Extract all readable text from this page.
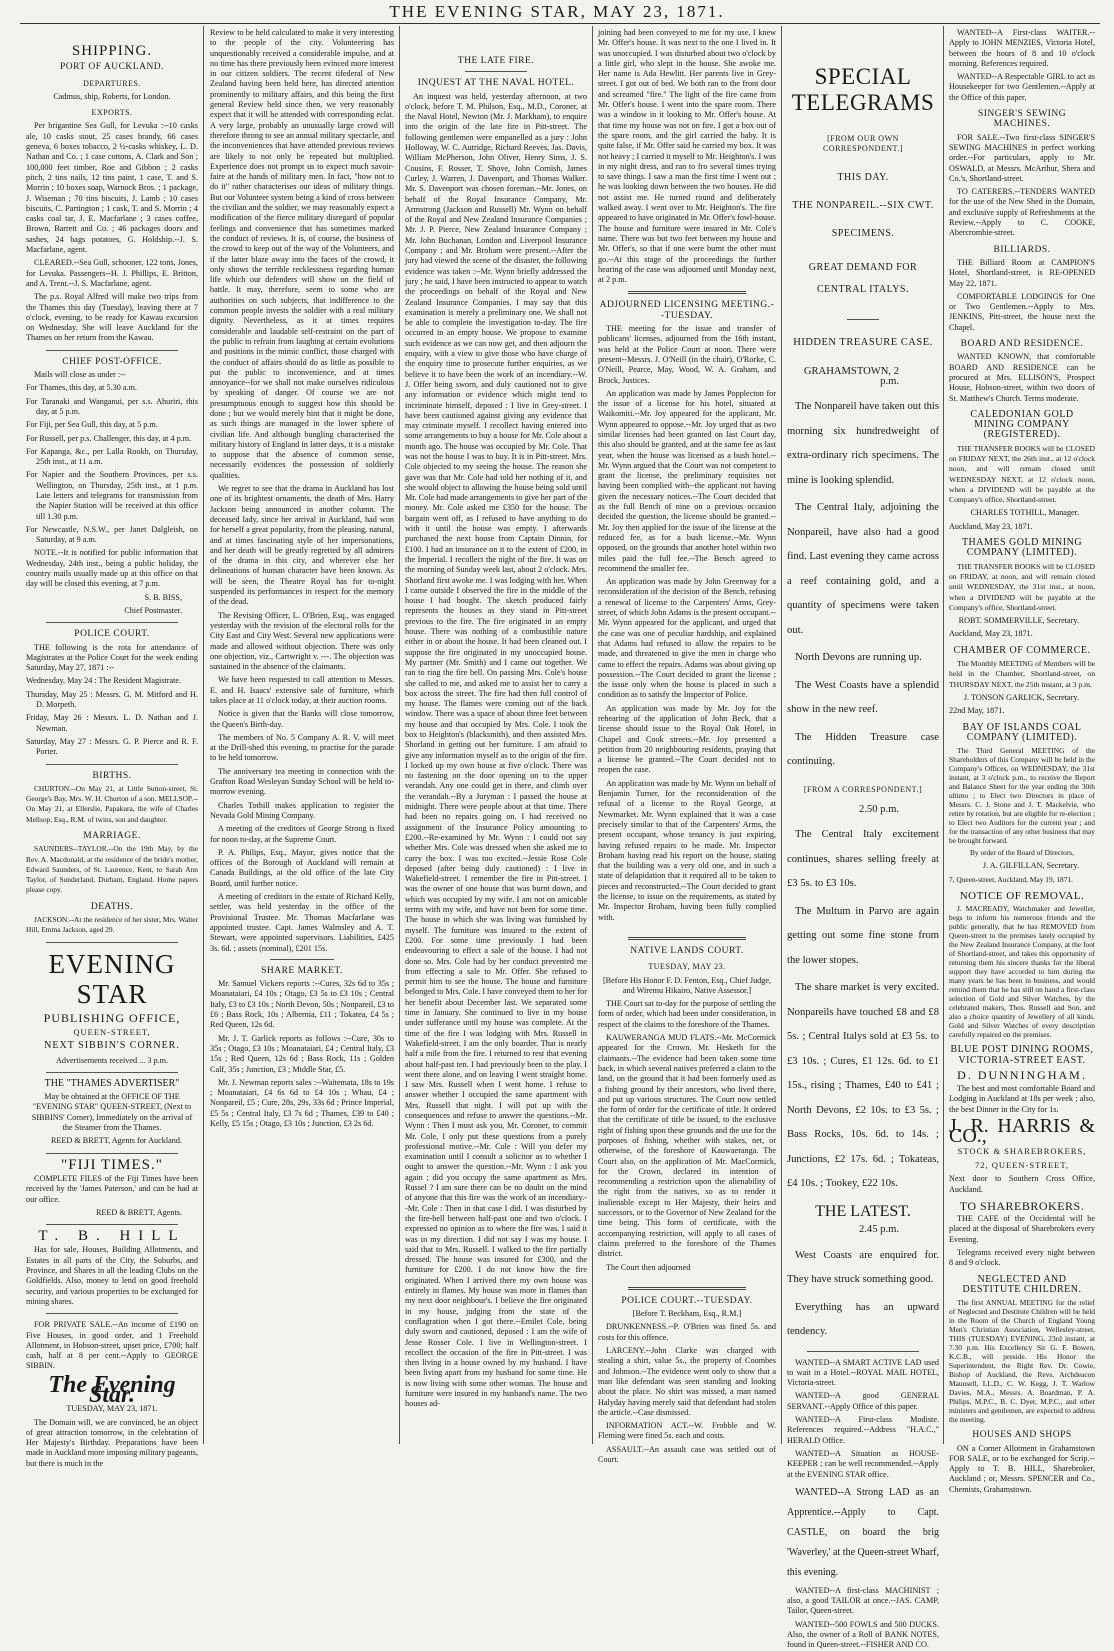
THE EVENING STAR, MAY 23, 1871.
SHIPPING.
PORT OF AUCKLAND.
DEPARTURES.

Cadmus, ship, Roberts, for London.

EXPORTS.

Per brigantine Sea Gull, for Levuka :--10 casks ale, 10 casks stout, 25 cases brandy, 66 cases geneva, 6 boxes tobacco, 2 ½-casks whiskey, L. D. Nathan and Co. ; 1 case cottons, A. Clark and Son ; 100,000 feet timber, Roe and Gibbon ; 2 casks pitch, 2 tins nails, 12 tins paint, 1 case, T. and S. Morrin ; 10 boxes soap, Warnock Bros. ; 1 package, J. Wiseman ; 70 tins biscuits, J. Lamb ; 10 cases biscuits, C. Partington ; 1 cask, T. and S. Morrin ; 4 casks coal tar, J. E. Macfarlane ; 3 cases coffee, Brown, Barrett and Co. ; 46 packages doors and sashes, 24 bags potatoes, G. Holdship.--J. S. Macfarlane, agent.

CLEARED.--Sea Gull, schooner, 122 tons, Jones, for Levuka. Passengers--H. J. Phillips, E. Britton, and A. Trent.--J. S. Macfarlane, agent.

The p.s. Royal Alfred will make two trips from the Thames this day (Tuesday), leaving there at 7 o'clock, evening, to be ready for Kawau excursion on Wednesday. She will leave Auckland for the Thames on her return from the Kawau.

CHIEF POST-OFFICE.

Mails will close as under :--

For Thames, this day, at 5.30 a.m.

For Taranaki and Wanganui, per s.s. Ahuriri, this day, at 5 p.m.

For Fiji, per Sea Gull, this day, at 5 p.m.

For Russell, per p.s. Challenger, this day, at 4 p.m.

For Kapanga, &c., per Lalla Rookh, on Thursday, 25th inst., at 11 a.m.

For Napier and the Southern Provinces, per s.s. Wellington, on Thursday, 25th inst., at 1 p.m. Late letters and telegrams for transmission from the Napier Station will be received at this office till 1.30 p.m.

For Newcastle, N.S.W., per Janet Dalgleish, on Saturday, at 9 a.m.

NOTE.--It is notified for public information that Wednesday, 24th inst., being a public holiday, the country mails usually made up at this office on that day will be closed this evening, at 7 p.m.

S. B. BISS,

Chief Postmaster.

POLICE COURT.

THE following is the rota for attendance of Magistrates at the Police Court for the week ending Saturday, May 27, 1871 :--

Wednesday, May 24 : The Resident Magistrate.

Thursday, May 25 : Messrs. G. M. Mitford and H. D. Morpeth.

Friday, May 26 : Messrs. L. D. Nathan and J. Newman.

Saturday, May 27 : Messrs. G. P. Pierce and R. F. Porter.

BIRTHS.

CHURTON.--On May 21, at Little Sutton-street, St. George's Bay, Mrs. W. H. Churton of a son. MELLSOP.--On May 21, at Ellerslie, Papakura, the wife of Charles Mellsop, Esq., R.M. of twins, son and daughter.

MARRIAGE.

SAUNDERS--TAYLOR.--On the 19th May, by the Rev. A. Macdonald, at the residence of the bride's mother, Edward Saunders, of St. Laurence, Kent, to Sarah Ann Taylor, of Sunderland, Durham, England. Home papers please copy.

DEATHS.

JACKSON.--At the residence of her sister, Mrs. Walter Hill, Emma Jackson, aged 29.

EVENING STAR
PUBLISHING OFFICE,
QUEEN-STREET,
NEXT SIBBIN'S CORNER.

Advertisements received ... 3 p.m.

THE "THAMES ADVERTISER"

May be obtained at the OFFICE OF THE "EVENING STAR" QUEEN-STREET, (Next to SIBBINS' Corner), Immediately on the arrival of the Steamer from the Thames.

REED & BRETT, Agents for Auckland.

"FIJI TIMES."

COMPLETE FILES of the Fiji Times have been received by the 'James Paterson,' and can be had at our office.

REED & BRETT, Agents.

T. B. HILL

Has for sale, Houses, Building Allotments, and Estates in all parts of the City, the Suburbs, and Province, and Shares in all the leading Clubs on the Goldfields. Also, money to lend on good freehold security, and various properties to be exchanged for mining shares.

FOR PRIVATE SALE.--An income of £190 on Five Houses, in good order, and 1 Freehold Allotment, in Hobson-street, upset price, £700; half cash, half at 8 per cent.--Apply to GEORGE SIBBIN.

The Evening Star.

TUESDAY, MAY 23, 1871.

The Domain will, we are convinced, be an object of great attraction tomorrow, in the celebration of Her Majesty's Birthday. Preparations have been made in Auckland more imposing military pageants, but there is much in the

Review to be held calculated to make it very interesting to the people of the city. Volunteering has unquestionably received a considerable impulse, and at no time has there previously been evinced more interest in our citizen soldiers. The recent tifederal of New Zealand having been held here, has directed attention prominently to military affairs, and this being the first general Review held since then, we very reasonably expect that it will be attended with corresponding eclat. A very large, probably an unusually large crowd will therefore throng to see an annual military spectacle, and the inconveniences that have attended previous reviews are likely to not only be repeated but multiplied. Experience does not prompt us to expect much savoir-faire at the hands of military men. In fact, "how not to do it" rather characterises our ideas of military things. But our Volunteer system being a kind of cross between the civilian and the soldier, we may reasonably expect a modification of the fierce military disregard of popular feelings and convenience that has sometimes marked the conduct of reviews. It is, of course, the business of the crowd to keep out of the way of the Volunteers, and if the latter blaze away into the faces of the crowd, it only shows the terrible recklessness regarding human life which our defenders will show on the field of battle. It may, therefore, seem to some who are authorities on such subjects, that indifference to the common people invests the soldier with a real military dignity. Nevertheless, as it at times requires considerable and laudable self-restraint on the part of the public to refrain from laughing at certain evolutions and positions in the mimic conflict, those charged with the conduct of affairs should do as little as possible to put the public to inconvenience, and at times annoyance--for we shall not make ourselves ridiculous by speaking of danger. Of course we are not presumptuous enough to suggest how this should be done ; but we would merely hint that it might be done, as such things are managed in the lower sphere of civilian life. And although bungling characterised the military history of England in latter days, it is a mistake to suppose that the absence of common sense, necessarily evidences the possession of soldierly qualities.

We regret to see that the drama in Auckland has lost one of its brightest ornaments, the death of Mrs. Harry Jackson being announced in another column. The deceased lady, since her arrival in Auckland, had won for herself a great popularity, from the pleasing, natural, and at times fascinating style of her impersonations, and her death will be greatly regretted by all admirers of the drama in this city, and wherever else her delineations of human character have been known. As will be seen, the Theatre Royal has for to-night suspended its performances in respect for the memory of the dead.

The Revising Officer, L. O'Brien, Esq., was engaged yesterday with the revision of the electoral rolls for the City East and City West. Several new applications were made and allowed without objection. There was only one objection, viz., Cartwright v. ---. The objection was sustained in the absence of the claimants.

We have been requested to call attention to Messrs. E. and H. Isaacs' extensive sale of furniture, which takes place at 11 o'clock today, at their auction rooms.

Notice is given that the Banks will close tomorrow, the Queen's Birth-day.

The members of No. 5 Company A. R. V. will meet at the Drill-shed this evening, to practise for the parade to be held tomorrow.

The anniversary tea meeting in connection with the Grafton Road Wesleyan Sunday School will be held to-morrow evening.

Charles Tothill makes application to register the Nevada Gold Mining Company.

A meeting of the creditors of George Strong is fixed for noon to-day, at the Supreme Court.

P. A. Philips, Esq., Mayor, gives notice that the offices of the Borough of Auckland will remain at Canada Buildings, at the old office of the late City Board, until further notice.

A meeting of creditors in the estate of Richard Kelly, settler, was held yesterday in the office of the Provisional Trustee. Mr. Thomas Macfarlane was appointed trustee. Capt. James Walmsley and A. T. Stewart, were appointed supervisors. Liabilities, £425 3s. 6d. ; assets (nominal), £201 15s.

SHARE MARKET.

Mr. Samuel Vickers reports :--Cures, 32s 6d to 35s ; Moanataiari, £4 10s ; Otago, £3 5s to £3 10s ; Central Italy, £3 to £3 10s ; North Devon, 50s ; Nonpareil, £3 to £6 ; Bass Rock, 10s ; Albernia, £11 ; Tokatea, £4 5s ; Red Queen, 12s 6d.

Mr. J. T. Garlick reports as follows :--Cure, 30s to 35s ; Otago, £3 10s ; Moanataiari, £4 ; Central Italy, £3 15s ; Red Queen, 12s 6d ; Bass Rock, 11s ; Golden Calf, 35s ; Junction, £3 ; Middle Star, £5.

Mr. J. Newman reports sales :--Waitemata, 18s to 19s ; Moanataiari, £4 6s 6d to £4 10s ; Whau, £4 ; Nonpareil, £5 ; Cure, 28s, 29s, 33s 6d ; Prince Imperial, £5 5s ; Central Italy, £3 7s 6d ; Thames, £39 to £40 ; Kelly, £5 15s ; Otago, £3 10s ; Junction, £3 2s 6d.

THE LATE FIRE.
INQUEST AT THE NAVAL HOTEL.

An inquest was held, yesterday afternoon, at two o'clock, before T. M. Philson, Esq., M.D., Coroner, at the Naval Hotel, Newton (Mr. J. Markham), to enquire into the origin of the late fire in Pitt-street. The following gentlemen were empanelled as a jury : John Holloway, W. C. Autridge, Richard Reeves, Jas. Davis, William McPherson, John Oliver, Henry Sims, J. S. Cousins, F. Rosser, T. Shove, John Cornish, James Curley, J. Warren, J. Davenport, and Thomas Walker. Mr. S. Davenport was chosen foreman.--Mr. Jones, on behalf of the Royal Insurance Company, Mr. Armstrong (Jackson and Russell) Mr. Wynn on behalf of the Royal and New Zealand Insurance Companies ; Mr. J. P. Pierce, New Zealand Insurance Company ; Mr. John Buchanan, London and Liverpool Insurance Company ; and Mr. Broham were present.--After the jury had viewed the scene of the disaster, the following evidence was taken :--Mr. Wynn briefly addressed the jury ; he said, I have been instructed to appear to watch the proceedings on behalf of the Royal and New Zealand Insurance Companies. I may say that this examination is merely a preliminary one. We shall not be able to complete the investigation to-day. The fire occurred in an empty house. We propose to examine such evidence as we can now get, and then adjourn the enquiry, with a view to give those who have charge of the enquiry time to prosecute further enquiries, as we believe it to have been the work of an incendiary.--W. J. Offer being sworn, and duly cautioned not to give any information or evidence which might tend to incriminate himself, deposed : I live in Grey-street. I have been cautioned against giving any evidence that may criminate myself. I recollect having entered into some arrangements to buy a house for Mr. Cole about a month ago. The house was occupied by Mr. Cole. That was not the house I was to buy. It is in Pitt-street. Mrs. Cole objected to my seeing the house. The reason she gave was that Mr. Cole had told her nothing of it, and she would object to allowing the house being sold until Mr. Cole had made arrangements to give her part of the money. Mr. Cole asked me £350 for the house. The bargain went off, as I refused to have anything to do with it until the house was empty. I afterwards purchased the next house from Captain Dinnin, for £100. I had an insurance on it to the extent of £200, in the Imperial. I recollect the night of the fire. It was on the morning of Sunday week last, about 2 o'clock. Mrs. Shorland first awoke me. I was lodging with her. When I came outside I observed the fire in the middle of the house I had bought. The sketch produced fairly represents the houses as they stand in Pitt-street previous to the fire. The fire originated in an empty house. There was nothing of a combustible nature either in or about the house. It had been cleaned out. I suppose the fire originated in my unoccupied house. My partner (Mr. Smith) and I came out together. We ran to ring the fire bell. On passing Mrs. Cole's house she called to me, and asked me to assist her to carry a box across the street. The fire had then full control of my house. The flames were coming out of the back window. There was a space of about three feet between my house and that occupied by Mrs. Cole. I took the box to Heighton's (blacksmith), and then assisted Mrs. Shorland in getting out her furniture. I am afraid to give any information myself as to the origin of the fire. I locked up my own house at five o'clock. There was no fastening on the door opening on to the upper verandah. Any one could get in there, and climb over the verandah.--By a Juryman : I passed the house at midnight. There were people about at that time. There had been no repairs going on. I had received no assignment of the Insurance Policy amounting to £200.--Re-examined by Mr. Wynn : I could not say whether Mrs. Cole was dressed when she asked me to carry the box. I was too excited.--Jessie Rose Cole deposed (after being duly cautioned) : I live in Wakefield-street. I remember the fire in Pitt-street. I was the owner of one house that was burnt down, and which was occupied by my wife. I am not on amicable terms with my wife, and have not been for some time. The house in which she was living was furnished by myself. The furniture was insured to the extent of £200. For some time previously I had been endeavouring to effect a sale of the house. I had not done so. Mrs. Cole had by her conduct prevented me from effecting a sale to Mr. Offer. She refused to permit him to see the house. The house and furniture belonged to Mrs. Cole. I have conveyed them to her for her benefit about December last. We separated some time in January. She continued to live in my house under sufferance until my house was complete. At the time of the fire I was lodging with Mrs. Russell in Wakefield-street. I am the only boarder. That is nearly half a mile from the fire. I returned to rest that evening about half-past ten. I had previously been to the play. I went there alone, and on leaving I went straight home. I saw Mrs. Russell when I went home. I refuse to answer whether I occupied the same apartment with Mrs. Russell that night. I will put up with the consequences and refuse to answer the questions.--Mr. Wynn : Then I must ask you, Mr. Coroner, to commit Mr. Cole, I only put these questions from a purely professional motive.--Mr. Cole : Will you defer my examination until I consult a solicitor as to whether I ought to answer the question.--Mr. Wynn : I ask you again ; did you occupy the same apartment as Mrs. Russel ? I am sure there can be no doubt on the mind of anyone that this fire was the work of an incendiary.--Mr. Cole : Then in that case I did. I was disturbed by the fire-bell between half-past one and two o'clock. I expressed no opinion as to where the fire was. I said it was in my direction. I did not say I was my house. I said that to Mrs. Russell. I walked to the fire partially dressed. The house was insured for £300, and the furniture for £200. I do not know how the fire originated. When I arrived there my own house was entirely in flames. My house was more in flames than my next door neighbour's. I believe the fire originated in my house, judging from the state of the conflagration when I got there.--Emilet Cole, being duly sworn and cautioned, deposed : I am the wife of Jesse Rosser Cole. I live in Wellington-street. I recollect the occasion of the fire in Pitt-street. I was then living in a house owned by my husband. I have been living apart from my husband for some time. He is now living with some other woman. The house and furniture were insured in my husband's name. The two houses ad-

joining had been conveyed to me for my use. I knew Mr. Offer's house. It was next to the one I lived in. It was unoccupied. I was disturbed about two o'clock by a little girl, who slept in the house. She awoke me. Her name is Ada Hewlitt. Her parents live in Grey-street. I got out of bed. We both ran to the front door and screamed "fire." The light of the fire came from Mr. Offer's house. I went into the spare room. There was a window in it looking to Mr. Offer's house. At that time my house was not on fire. I got a box out of the spare room, and the girl carried the baby. It is quite false, if Mr. Offer said he carried my box. It was not heavy ; I carried it myself to Mr. Heighton's. I was in my night dress, and ran to fro several times trying to save things. I saw a man the first time I went out ; he was looking down between the two houses. He did not assist me. He turned round and deliberately walked away. I went over to Mr. Heighton's. The fire appeared to have originated in Mr. Offer's fowl-house. The house and furniture were insured in Mr. Cole's name. There was but two feet between my house and Mr. Offer's, so that if one were burnt the other must go.--At this stage of the proceedings the further hearing of the case was adjourned until Monday next, at 2 p.m.

ADJOURNED LICENSING MEETING.--TUESDAY.

THE meeting for the issue and transfer of publicans' licenses, adjourned from the 16th instant, was held at the Police Court at noon. There were present--Messrs. J. O'Neill (in the chair), O'Rorke, C. O'Neill, Pearce, May, Wood, W. A. Graham, and Brock, Justices.

An application was made by James Popplecton for the issue of a license for his hotel, situated at Waikomiti.--Mr. Joy appeared for the applicant, Mr. Wynn appeared to oppose.--Mr. Joy urged that as two similar licenses had been granted on last Court day, this also should be granted, and at the same fee as last year, when the house was licensed as a bush hotel.--Mr. Wynn argued that the Court was not competent to grant the license, the preliminary requisites not having been complied with--the applicant not having given the necessary notices.--The Court decided that as the full Bench of nine on a previous occasion decided the question, the license should be granted.--Mr. Joy then applied for the issue of the license at the reduced fee, as for a bush license.--Mr. Wynn opposed, on the grounds that another hotel within two miles paid the full fee.--The Bench agreed to recommend the smaller fee.

An application was made by John Greenway for a reconsideration of the decision of the Bench, refusing a renewal of license to the Carpenters' Arms, Grey-street, of which John Adams is the present occupant.--Mr. Wynn appeared for the applicant, and urged that the case was one of peculiar hardship, and explained that Adams had refused to allow the repairs to be made, and threatened to give the men in charge who came to effect the repairs. Adams was about giving up possession.--The Court decided to grant the license ; the issue only when the house is placed in such a condition as to satisfy the Inspector of Police.

An application was made by Mr. Joy for the rehearing of the application of John Beck, that a license should issue to the Royal Oak Hotel, in Chapel and Cook streets.--Mr. Joy presented a petition from 20 neighbouring residents, praying that a license be granted.--The Court decided not to reopen the case.

An application was made by Mr. Wynn on behalf of Benjamin Turner, for the reconsideration of the refusal of a license to the Royal George, at Newmarket. Mr. Wynn explained that it was a case precisely similar to that of the Carpenters' Arms, the present occupant, whose tenancy is just expiring, having refused repairs to be made. Mr. Inspector Broham having read his report on the house, stating that the building was a very old one, and in such a state of delapidation that it required all to be taken to pieces and reconstructed.--The Court decided to grant the license, to issue on the requirements, as stated by Mr. Inspector Broham, having been fully complied with.

NATIVE LANDS COURT.
TUESDAY, MAY 23.

[Before His Honor F. D. Fenton, Esq., Chief Judge, and Wiremu Hikairo, Native Assessor.]

THE Court sat to-day for the purpose of settling the form of order, which had been under consideration, in respect of the claims to the foreshore of the Thames.

KAUWERANGA MUD FLATS.--Mr. McCormick appeared for the Crown. Mr. Hesketh for the claimants.--The evidence had been taken some time back, in which several natives preferred a claim to the land, on the ground that it had been formerly used as a fishing ground by their ancestors, who lived there, and put up various structures. The Court now settled the form of order for the certificate of title. It ordered that the certificate of title be issued, to the exclusive right of fishing upon these grounds and the use for the purposes of fishing, whether with stakes, net, or otherwise, of the foreshore of Kauwaeranga. The Court also, on the application of Mr. MacCormick, for the Crown, declared its intention of recommending a restriction upon the alienability of the right from the natives, so as to render it inalienable except to Her Majesty, their heirs and successors, or to the Governor of New Zealand for the time being. This form of certificate, with the accompanying restriction, will apply to all cases of claims preferred to the foreshore of the Thames district.

The Court then adjourned

POLICE COURT.--TUESDAY.

[Before T. Beckham, Esq., R.M.]

DRUNKENNESS.--P. O'Brien was fined 5s. and costs for this offence.

LARCENY.--John Clarke was charged with stealing a shirt, value 5s., the property of Coombes and Johnson.--The evidence went only to show that a man like defendant was seen standing and looking about the place. No shirt was missed, a man named Halyday having merely said that defendant had stolen the article.--Case dismissed.

INFORMATION ACT.--W. Frobble and W. Fleming were fined 5s. each and costs.

ASSAULT.--An assault case was settled out of Court.

SPECIAL TELEGRAMS
[FROM OUR OWN CORRESPONDENT.]
THIS DAY.
THE NONPAREIL.--SIX CWT.
SPECIMENS.
GREAT DEMAND FOR CENTRAL ITALYS.
HIDDEN TREASURE CASE.
GRAHAMSTOWN, 2 p.m.

The Nonpareil have taken out this morning six hundredweight of extra-ordinary rich specimens. The mine is looking splendid.

The Central Italy, adjoining the Nonpareil, have also had a good find. Last evening they came across a reef containing gold, and a quantity of specimens were taken out.

North Devons are running up.

The West Coasts have a splendid show in the new reef.

The Hidden Treasure case continuing.

[FROM A CORRESPONDENT.]
2.50 p.m.

The Central Italy excitement continues, shares selling freely at £3 5s. to £3 10s.

The Multum in Parvo are again getting out some fine stone from the lower stopes.

The share market is very excited. Nonpareils have touched £8 and £8 5s. ; Central Italys sold at £3 5s. to £3 10s. ; Cures, £1 12s. 6d. to £1 15s., rising ; Thames, £40 to £41 ; North Devons, £2 10s. to £3 5s. ; Bass Rocks, 10s. 6d. to 14s. ; Junctions, £2 17s. 6d. ; Tokateas, £4 10s. ; Tookey, £22 10s.

THE LATEST.
2.45 p.m.

West Coasts are enquired for. They have struck something good.

Everything has an upward tendency.

WANTED--A SMART ACTIVE LAD used to wait in a Hotel.--ROYAL MAIL HOTEL, Victoria-street.

WANTED--A good GENERAL SERVANT.--Apply Office of this paper.

WANTED--A First-class Modiste. References required.--Address "H.A.C.," HERALD Office.

WANTED--A Situation as HOUSE-KEEPER ; can be well recommended.--Apply at the EVENING STAR office.

WANTED--A Strong LAD as an Apprentice.--Apply to Capt. CASTLE, on board the brig 'Waverley,' at the Queen-street Wharf, this evening.

WANTED--A first-class MACHINIST ; also, a good TAILOR at once.--JAS. CAMP, Tailor, Queen-street.

WANTED--500 FOWLS and 500 DUCKS. Also, the owner of a Roll of BANK NOTES, found in Queen-street.--FISHER AND CO.

WANTED--A First-class WAITER.--Apply to JOHN MENZIES, Victoria Hotel, between the hours of 8 and 10 o'clock morning. References required.

WANTED--A Respectable GIRL to act as Housekeeper for two Gentlemen.--Apply at the Office of this paper.

SINGER'S SEWING MACHINES.

FOR SALE.--Two first-class SINGER'S SEWING MACHINES in perfect working order.--For particulars, apply to Mr. OSWALD, at Messrs. McArthur, Shera and Co.'s, Shortland-street.

TO CATERERS.--TENDERS WANTED for the use of the New Shed in the Domain, and exclusive supply of Refreshments at the Review.--Apply to C. COOKE, Abercrombie-street.

BILLIARDS.

THE Billiard Room at CAMPION'S Hotel, Shortland-street, is RE-OPENED May 22, 1871.

COMFORTABLE LODGINGS for One or Two Gentlemen.--Apply to Mrs. JENKINS, Pitt-street, the house next the Chapel.

BOARD AND RESIDENCE.

WANTED KNOWN, that comfortable BOARD AND RESIDENCE can be procured at Mrs. ELLISON'S, Prospect House, Hobson-street, within two doors of St. Matthew's Church. Terms moderate.

CALEDONIAN GOLD MINING COMPANY (REGISTERED).

THE TRANSFER BOOKS will be CLOSED on FRIDAY NEXT, the 26th inst., at 12 o'clock noon, and will remain closed until WEDNESDAY NEXT, at 12 o'clock noon, when a DIVIDEND will be payable at the Company's office, Shortland-street.

CHARLES TOTHILL, Manager.

Auckland, May 23, 1871.

THAMES GOLD MINING COMPANY (LIMITED).

THE TRANSFER BOOKS will be CLOSED on FRIDAY, at noon, and will remain closed until WEDNESDAY, the 31st inst., at noon, when a DIVIDEND will be payable at the Company's office, Shortland-street.

ROBT. SOMMERVILLE, Secretary.

Auckland, May 23, 1871.

CHAMBER OF COMMERCE.

The Monthly MEETING of Members will be held in the Chamber, Shortland-street, on THURSDAY NEXT, the 25th instant, at 3 p.m.

J. TONSON GARLICK, Secretary.

22nd May, 1871.

BAY OF ISLANDS COAL COMPANY (LIMITED).

The Third General MEETING of the Shareholders of this Company will be held in the Company's Offices, on WEDNESDAY, the 31st instant, at 3 o'clock p.m., to receive the Report and Balance Sheet for the year ending the 30th ultimo ; to Elect two Directors in place of Messrs. C. J. Stone and J. T. Mackelvie, who retire by rotation, but are eligible for re-election ; to Elect two Auditors for the current year ; and for the transaction of any other business that may be brought forward.

By order of the Board of Directors,

J. A. GILFILLAN, Secretary.

7, Queen-street, Auckland, May 19, 1871.

NOTICE OF REMOVAL.

J. MACREADY, Watchmaker and Jeweller, begs to inform his numerous friends and the public generally, that he has REMOVED from Queen-street to the premises lately occupied by the New Zealand Insurance Company, at the foot of Shortland-street, and takes this opportunity of returning them his sincere thanks for the liberal support they have accorded to him during the many years he has been in business, and would remind them that he has still on hand a first-class selection of Gold and Silver Watches, by the celebrated makers, Thos. Russell and Son, and also a choice quantity of Jewellery of all kinds. Gold and Silver Watches of every description carefully repaired on the premises.

BLUE POST DINING ROOMS, VICTORIA-STREET EAST.
D. DUNNINGHAM.

The best and most comfortable Board and Lodging in Auckland at 18s per week ; also, the best Dinner in the City for 1s.

J. R. HARRIS & CO.,
STOCK & SHAREBROKERS,
72, QUEEN-STREET,

Next door to Southern Cross Office, Auckland.

TO SHAREBROKERS.

THE CAFE of the Occidental will be placed at the disposal of Sharebrokers every Evening.

Telegrams received every night between 8 and 9 o'clock.

NEGLECTED AND DESTITUTE CHILDREN.

The first ANNUAL MEETING for the relief of Neglected and Destitute Children will be held in the Room of the Church of England Young Men's Christian Association, Wellesley-street, THIS (TUESDAY) EVENING, 23rd instant, at 7.30 p.m. His Excellency Sir G. F. Bowen, K.C.B., will preside. His Honor the Superintendent, the Right Rev. Dr. Cowie, Bishop of Auckland, the Revs. Archdeacon Maunsell, LL.D., C. W. Kegg, J. T. Warlow Davies, M.A., Messrs. A. Boardman, P. A. Philips, M.P.C., B. C. Dyer, M.P.C., and other ministers and gentlemen, are expected to address the meeting.

HOUSES AND SHOPS

ON a Corner Allotment in Grahamstown FOR SALE, or to be exchanged for Scrip.--Apply to T. B. HILL, Sharebroker, Auckland ; or, Messrs. SPENCER and Co., Chemists, Grahamstown.
